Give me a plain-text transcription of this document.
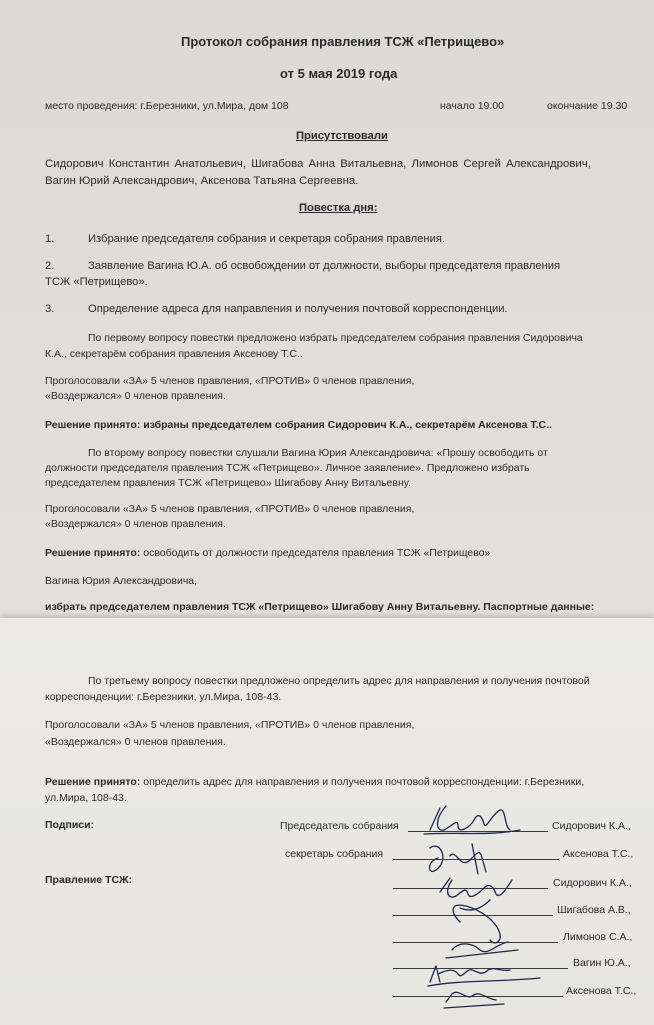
Протокол собрания правления ТСЖ «Петрищево»
от 5 мая 2019 года
место проведения: г.Березники, ул.Мира, дом 108	начало 19.00	окончание 19.30
Присутствовали
Сидорович Константин Анатольевич, Шигабова Анна Витальевна, Лимонов Сергей Александрович,
Вагин Юрий Александрович, Аксенова Татьяна Сергеевна.
Повестка дня:
1.	Избрание председателя собрания и секретаря собрания правления.
2.	Заявление Вагина Ю.А. об освобождении от должности, выборы председателя правления
ТСЖ «Петрищево».
3.	Определение адреса для направления и получения почтовой корреспонденции.
По первому вопросу повестки предложено избрать председателем собрания правления Сидоровича
К.А., секретарём собрания правления Аксенову Т.С..
Проголосовали «ЗА» 5 членов правления, «ПРОТИВ» 0 членов правления,
«Воздержался» 0 членов правления.
Решение принято: избраны председателем собрания Сидорович К.А., секретарём Аксенова Т.С..
По второму вопросу повестки слушали Вагина Юрия Александровича: «Прошу освободить от
должности председателя правления ТСЖ «Петрищево». Личное заявление». Предложено избрать
председателем правления ТСЖ «Петрищево» Шигабову Анну Витальевну.
Проголосовали «ЗА» 5 членов правления, «ПРОТИВ» 0 членов правления,
«Воздержался» 0 членов правления.
Решение принято: освободить от должности председателя правления ТСЖ «Петрищево»
Вагина Юрия Александровича,
избрать председателем правления ТСЖ «Петрищево» Шигабову Анну Витальевну. Паспортные данные:
По третьему вопросу повестки предложено определить адрес для направления и получения почтовой
корреспонденции: г.Березники, ул.Мира, 108-43.
Проголосовали «ЗА» 5 членов правления, «ПРОТИВ» 0 членов правления,
«Воздержался» 0 членов правления.
Решение принято: определить адрес для направления и получения почтовой корреспонденции: г.Березники,
ул.Мира, 108-43.
Подписи:	Председатель собрания	Сидорович К.А.,
секретарь собрания	Аксенова Т.С.,
Правление ТСЖ:	Сидорович К.А.,
Шигабова А.В.,
Лимонов С.А.,
Вагин Ю.А.,
Аксенова Т.С.,
